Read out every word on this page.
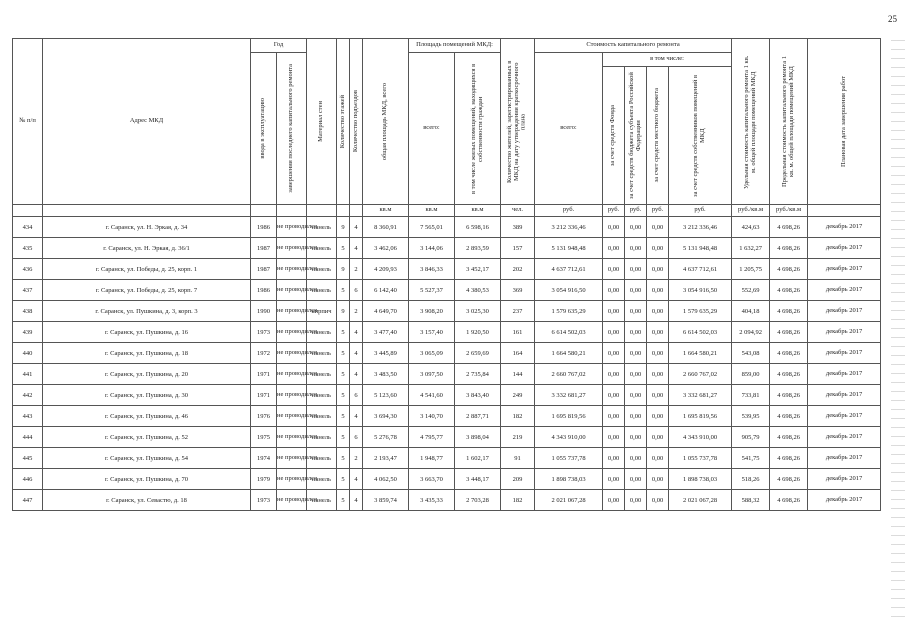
25
№ п/п	Адрес МКД	Год		Материал стен	Количество этажей	Количество подъездов	общая площадь МКД, всего	Площадь помещений МКД:		Количество жителей, зарегистрированных в МКД на дату утверждения краткосрочного плана	Стоимость капитального ремонта					Удельная стоимость капитального ремонта 1 кв. м. общей площади помещений МКД	Предельная стоимость капитального ремонта 1 кв. м. общей площади помещений МКД	Плановая дата завершения работ

		ввода в эксплуатацию	завершения последнего капитального ремонта					всего:	в том числе жилых помещений, находящихся в собственности граждан		всего:	в том числе:						

												за счет средств Фонда	за счет средств бюджета субъекта Российской Федерации	за счет средств местного бюджета	за счет средств собственников помещений в МКД			

							кв.м	кв.м	кв.м	чел.	руб.	руб.	руб.	руб.	руб.	руб./кв.м	руб./кв.м	
434	г. Саранск, ул. Н. Эркая, д. 34	1986	не проводился	панель	9	4	8 360,91	7 565,01	6 598,16	389	3 212 336,46	0,00	0,00	0,00	3 212 336,46	424,63	4 698,26	декабрь 2017
435	г. Саранск, ул. Н. Эркая, д. 36/1	1987	не проводился	панель	5	4	3 462,06	3 144,06	2 893,59	157	5 131 948,48	0,00	0,00	0,00	5 131 948,48	1 632,27	4 698,26	декабрь 2017
436	г. Саранск, ул. Победы, д. 25, корп. 1	1987	не проводился	панель	9	2	4 209,93	3 846,33	3 452,17	202	4 637 712,61	0,00	0,00	0,00	4 637 712,61	1 205,75	4 698,26	декабрь 2017
437	г. Саранск, ул. Победы, д. 25, корп. 7	1986	не проводился	панель	5	6	6 142,40	5 527,37	4 380,53	369	3 054 916,50	0,00	0,00	0,00	3 054 916,50	552,69	4 698,26	декабрь 2017
438	г. Саранск, ул. Пушкина, д. 3, корп. 3	1990	не проводился	кирпич	9	2	4 649,70	3 908,20	3 025,30	237	1 579 635,29	0,00	0,00	0,00	1 579 635,29	404,18	4 698,26	декабрь 2017
439	г. Саранск, ул. Пушкина, д. 16	1973	не проводился	панель	5	4	3 477,40	3 157,40	1 920,50	161	6 614 502,03	0,00	0,00	0,00	6 614 502,03	2 094,92	4 698,26	декабрь 2017
440	г. Саранск, ул. Пушкина, д. 18	1972	не проводился	панель	5	4	3 445,89	3 065,09	2 659,69	164	1 664 580,21	0,00	0,00	0,00	1 664 580,21	543,08	4 698,26	декабрь 2017
441	г. Саранск, ул. Пушкина, д. 20	1971	не проводился	панель	5	4	3 483,50	3 097,50	2 735,84	144	2 660 767,02	0,00	0,00	0,00	2 660 767,02	859,00	4 698,26	декабрь 2017
442	г. Саранск, ул. Пушкина, д. 30	1971	не проводился	панель	5	6	5 123,60	4 541,60	3 843,40	249	3 332 681,27	0,00	0,00	0,00	3 332 681,27	733,81	4 698,26	декабрь 2017
443	г. Саранск, ул. Пушкина, д. 46	1976	не проводился	панель	5	4	3 694,30	3 140,70	2 887,71	182	1 695 819,56	0,00	0,00	0,00	1 695 819,56	539,95	4 698,26	декабрь 2017
444	г. Саранск, ул. Пушкина, д. 52	1975	не проводился	панель	5	6	5 276,78	4 795,77	3 898,04	219	4 343 910,00	0,00	0,00	0,00	4 343 910,00	905,79	4 698,26	декабрь 2017
445	г. Саранск, ул. Пушкина, д. 54	1974	не проводился	панель	5	2	2 193,47	1 948,77	1 602,17	91	1 055 737,78	0,00	0,00	0,00	1 055 737,78	541,75	4 698,26	декабрь 2017
446	г. Саранск, ул. Пушкина, д. 70	1979	не проводился	панель	5	4	4 062,50	3 663,70	3 448,17	209	1 898 738,03	0,00	0,00	0,00	1 898 738,03	518,26	4 698,26	декабрь 2017
447	г. Саранск, ул. Севастю, д. 18	1973	не проводился	панель	5	4	3 859,74	3 435,33	2 703,28	182	2 021 067,28	0,00	0,00	0,00	2 021 067,28	588,32	4 698,26	декабрь 2017
